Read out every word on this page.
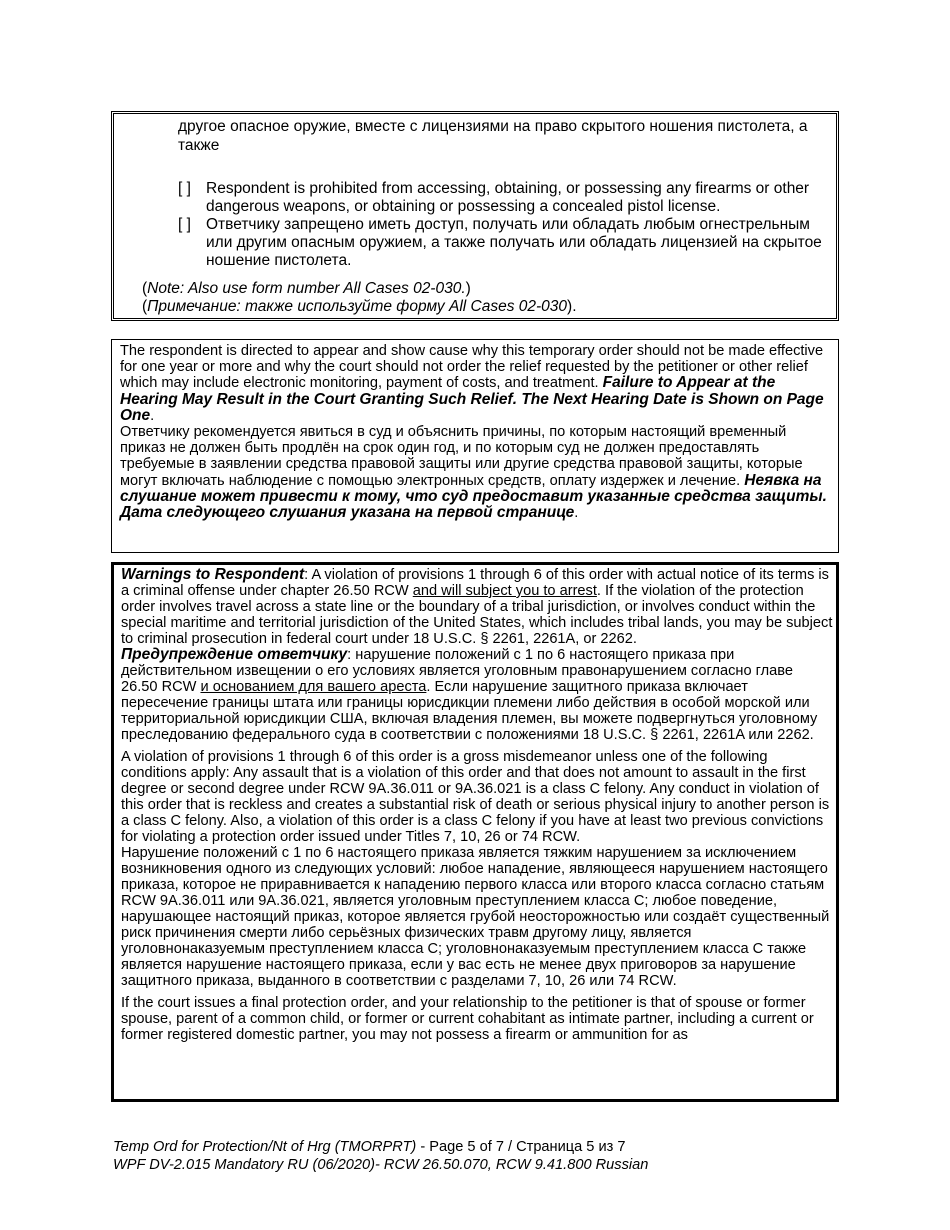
другое опасное оружие, вместе с лицензиями на право скрытого ношения пистолета, а также
[ ] Respondent is prohibited from accessing, obtaining, or possessing any firearms or other dangerous weapons, or obtaining or possessing a concealed pistol license.
[ ] Ответчику запрещено иметь доступ, получать или обладать любым огнестрельным или другим опасным оружием, а также получать или обладать лицензией на скрытое ношение пистолета.
(Note: Also use form number All Cases 02-030.)
(Примечание: также используйте форму All Cases 02-030).

The respondent is directed to appear and show cause why this temporary order should not be made effective for one year or more and why the court should not order the relief requested by the petitioner or other relief which may include electronic monitoring, payment of costs, and treatment. Failure to Appear at the Hearing May Result in the Court Granting Such Relief. The Next Hearing Date is Shown on Page One.

Ответчику рекомендуется явиться в суд и объяснить причины, по которым настоящий временный приказ не должен быть продлён на срок один год, и по которым суд не должен предоставлять требуемые в заявлении средства правовой защиты или другие средства правовой защиты, которые могут включать наблюдение с помощью электронных средств, оплату издержек и лечение. Неявка на слушание может привести к тому, что суд предоставит указанные средства защиты. Дата следующего слушания указана на первой странице.

Warnings to Respondent: A violation of provisions 1 through 6 of this order with actual notice of its terms is a criminal offense under chapter 26.50 RCW and will subject you to arrest. If the violation of the protection order involves travel across a state line or the boundary of a tribal jurisdiction, or involves conduct within the special maritime and territorial jurisdiction of the United States, which includes tribal lands, you may be subject to criminal prosecution in federal court under 18 U.S.C. § 2261, 2261A, or 2262.

Предупреждение ответчику: нарушение положений с 1 по 6 настоящего приказа при действительном извещении о его условиях является уголовным правонарушением согласно главе 26.50 RCW и основанием для вашего ареста. Если нарушение защитного приказа включает пересечение границы штата или границы юрисдикции племени либо действия в особой морской или территориальной юрисдикции США, включая владения племен, вы можете подвергнуться уголовному преследованию федерального суда в соответствии с положениями 18 U.S.C. § 2261, 2261A или 2262.

A violation of provisions 1 through 6 of this order is a gross misdemeanor unless one of the following conditions apply: Any assault that is a violation of this order and that does not amount to assault in the first degree or second degree under RCW 9A.36.011 or 9A.36.021 is a class C felony. Any conduct in violation of this order that is reckless and creates a substantial risk of death or serious physical injury to another person is a class C felony. Also, a violation of this order is a class C felony if you have at least two previous convictions for violating a protection order issued under Titles 7, 10, 26 or 74 RCW.

Нарушение положений с 1 по 6 настоящего приказа является тяжким нарушением за исключением возникновения одного из следующих условий: любое нападение, являющееся нарушением настоящего приказа, которое не приравнивается к нападению первого класса или второго класса согласно статьям RCW 9A.36.011 или 9A.36.021, является уголовным преступлением класса C; любое поведение, нарушающее настоящий приказ, которое является грубой неосторожностью или создаёт существенный риск причинения смерти либо серьёзных физических травм другому лицу, является уголовнонаказуемым преступлением класса C; уголовнонаказуемым преступлением класса C также является нарушение настоящего приказа, если у вас есть не менее двух приговоров за нарушение защитного приказа, выданного в соответствии с разделами 7, 10, 26 или 74 RCW.

If the court issues a final protection order, and your relationship to the petitioner is that of spouse or former spouse, parent of a common child, or former or current cohabitant as intimate partner, including a current or former registered domestic partner, you may not possess a firearm or ammunition for as

Temp Ord for Protection/Nt of Hrg (TMORPRT) - Page 5 of 7 / Страница 5 из 7
WPF DV-2.015 Mandatory RU (06/2020)- RCW 26.50.070, RCW 9.41.800 Russian
